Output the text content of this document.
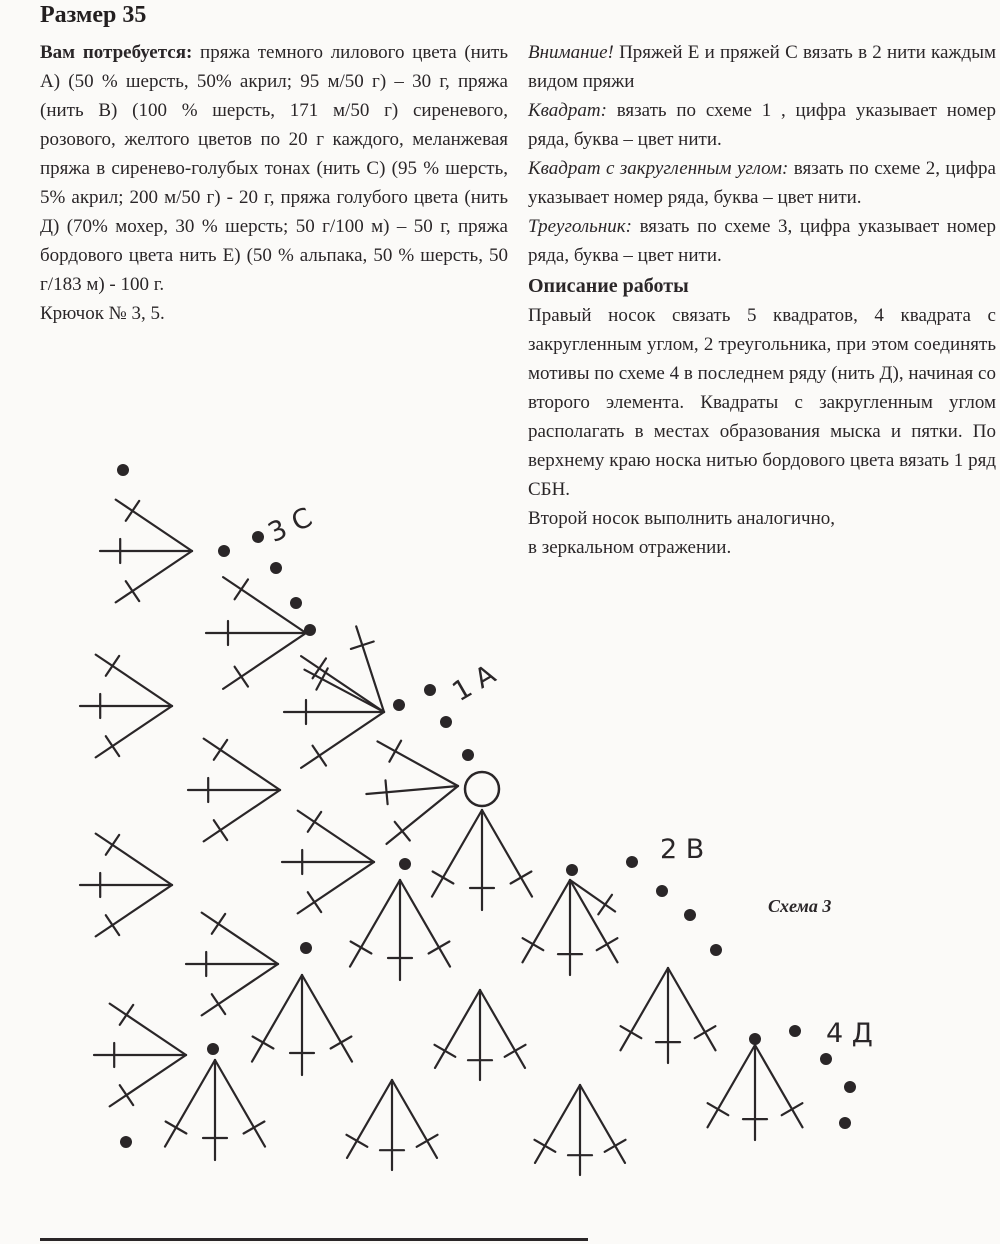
Размер 35

Вам потребуется: пряжа темного лилового цвета (нить А) (50 % шерсть, 50% акрил; 95 м/50 г) – 30 г, пряжа (нить В) (100 % шерсть, 171 м/50 г) сиреневого, розового, желтого цветов по 20 г каждого, меланжевая пряжа в сиренево-голубых тонах (нить С) (95 % шерсть, 5% акрил; 200 м/50 г) - 20 г, пряжа голубого цвета (нить Д) (70% мохер, 30 % шерсть; 50 г/100 м) – 50 г, пряжа бордового цвета нить Е) (50 % альпака, 50 % шерсть, 50 г/183 м) - 100 г.

Крючок № 3, 5.

Внимание! Пряжей Е и пряжей С вязать в 2 нити каждым видом пряжи

Квадрат: вязать по схеме 1 , цифра указывает номер ряда, буква – цвет нити.

Квадрат с закругленным углом: вязать по схеме 2, цифра указывает номер ряда, буква – цвет нити.

Треугольник: вязать по схеме 3, цифра указывает номер ряда, буква – цвет нити.

Описание работы

Правый носок связать 5 квадратов, 4 квадрата с закругленным углом, 2 треугольника, при этом соединять мотивы по схеме 4 в последнем ряду (нить Д), начиная со второго элемента. Квадраты с закругленным углом располагать в местах образования мыска и пятки. По верхнему краю носка нитью бордового цвета вязать 1 ряд СБН.

Второй носок выполнить аналогично,

в зеркальном отражении.

3 С
1 А
2 В
4 Д
Схема 3
